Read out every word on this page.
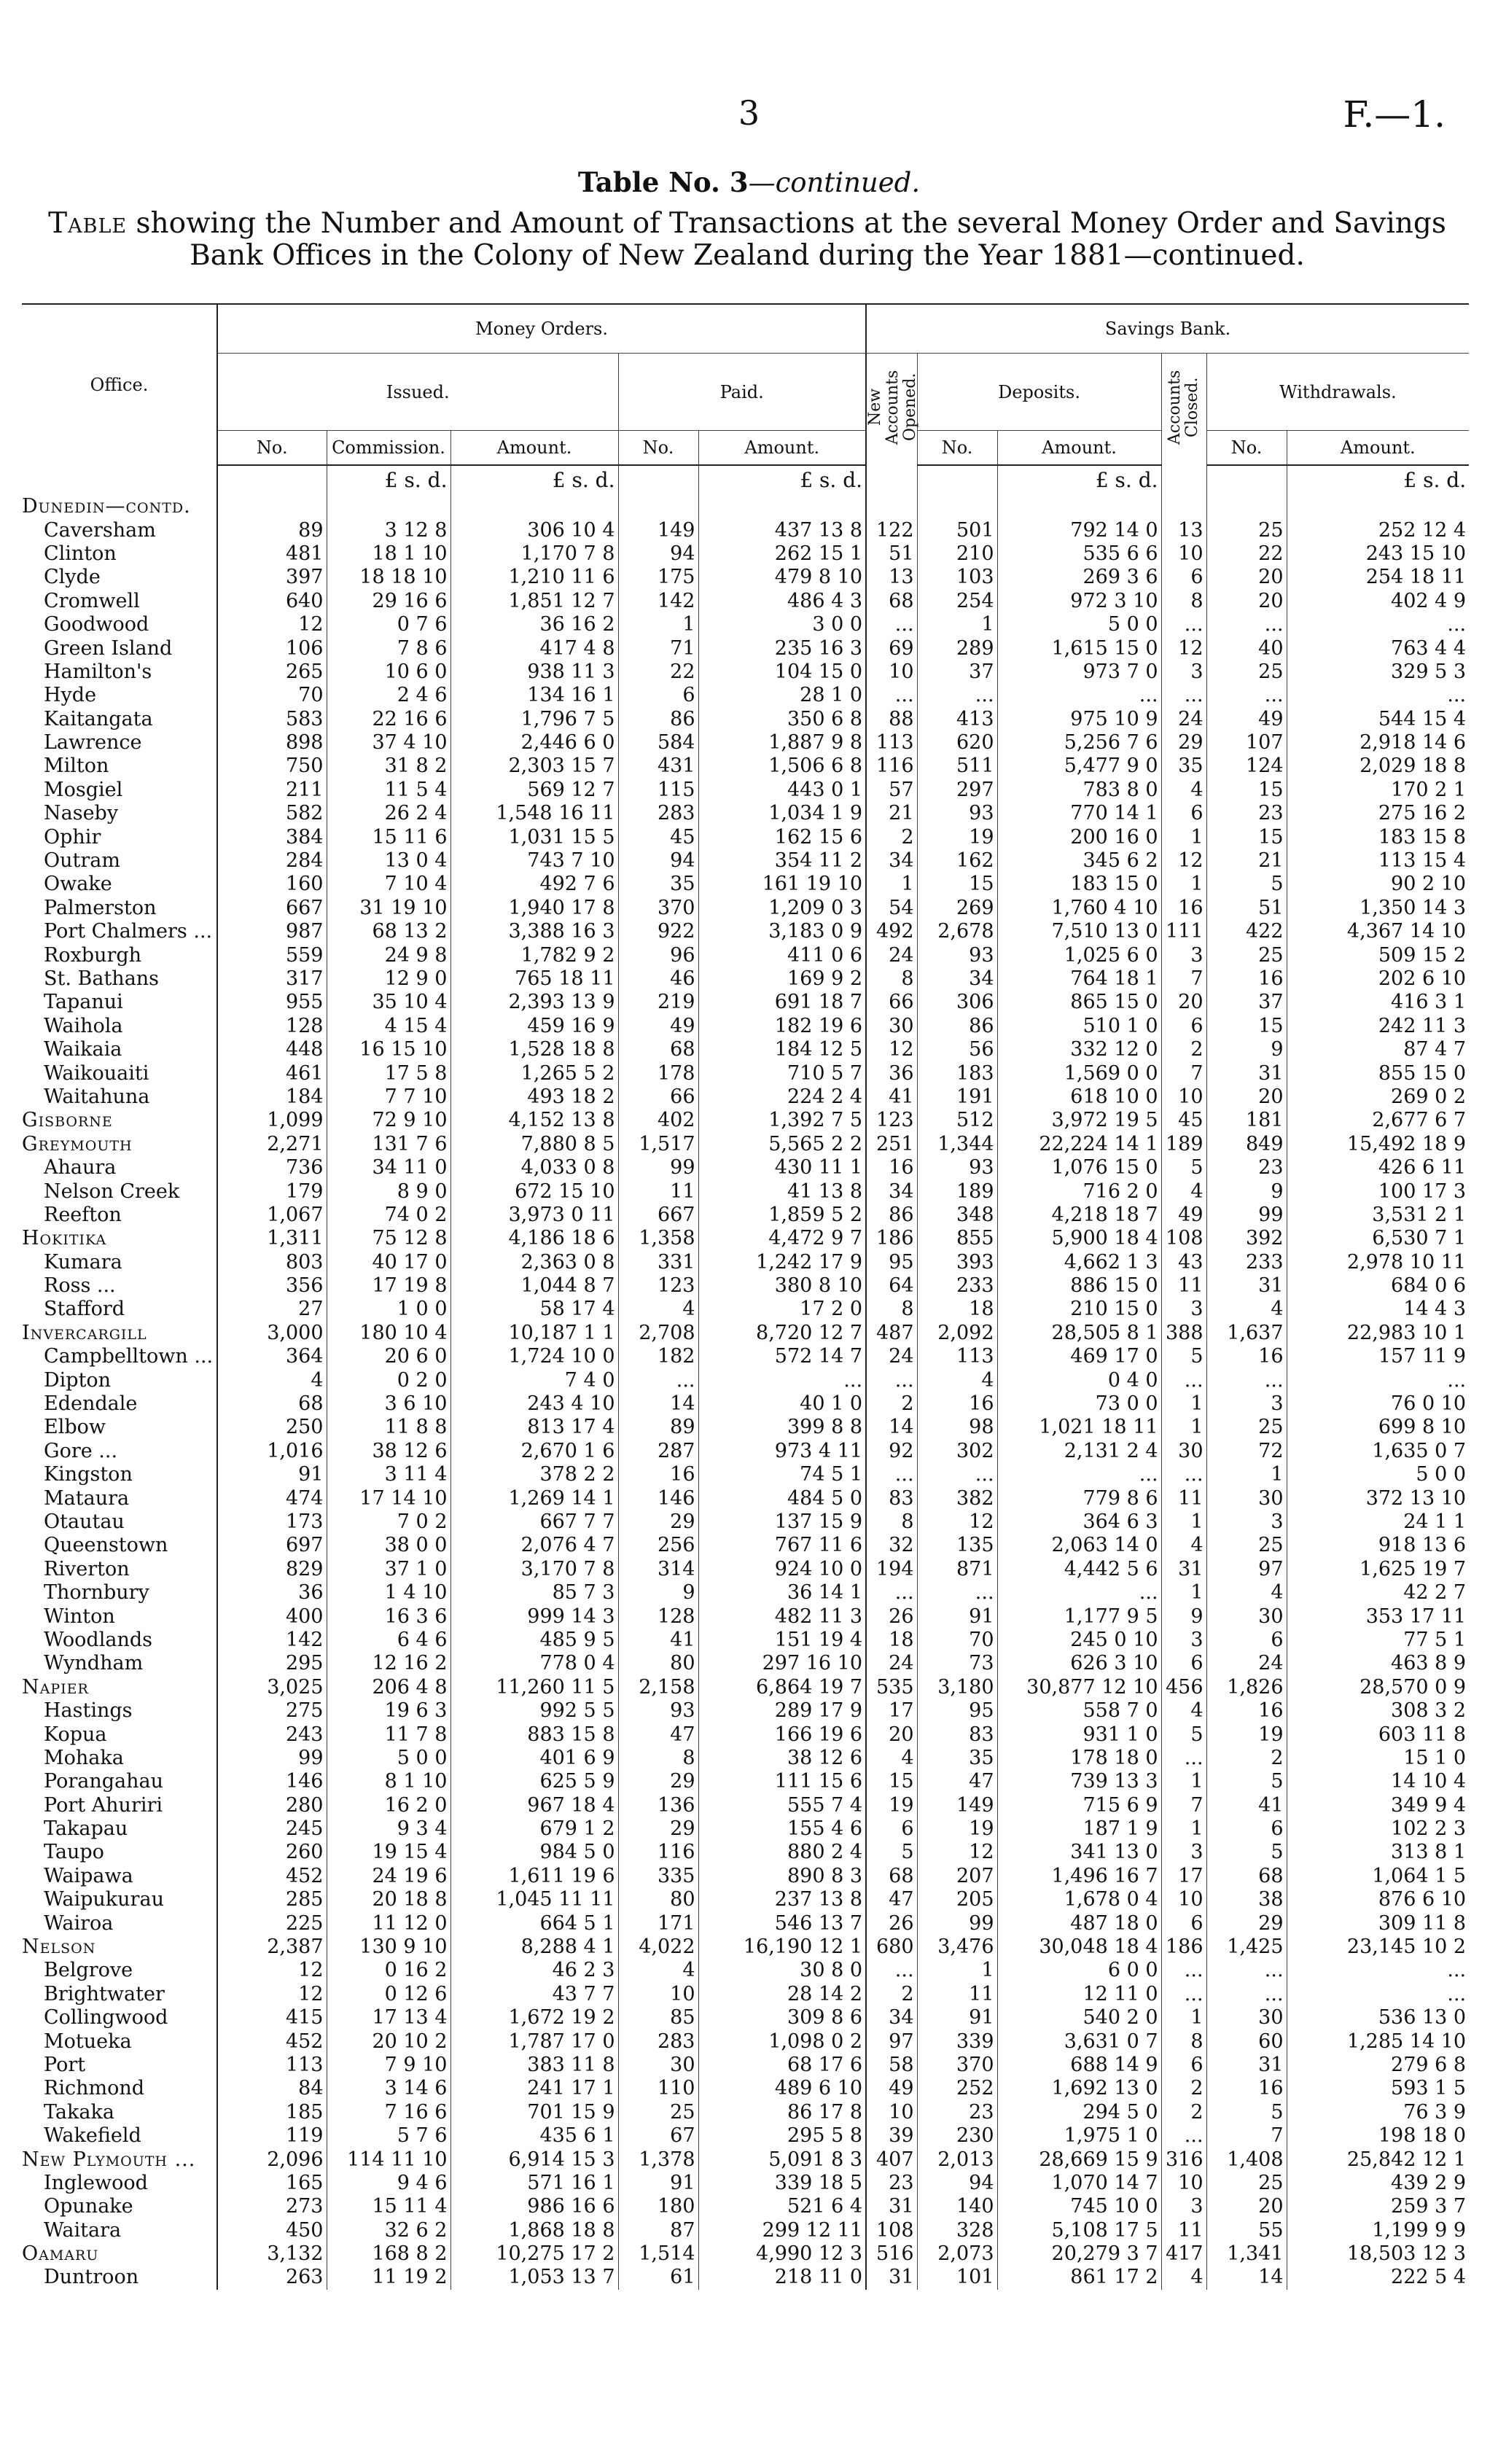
3	F.—1.
Table No. 3—continued.
Table showing the Number and Amount of Transactions at the several Money Order and Savings Bank Offices in the Colony of New Zealand during the Year 1881—continued.
Office.	Money Orders.					Savings Bank.					
	Issued.			Paid.		New Accounts Opened.	Deposits.		Accounts Closed.	Withdrawals.	
	No.	Commission.	Amount.	No.	Amount.		No.	Amount.		No.	Amount.
		£ s. d.	£ s. d.		£ s. d.			£ s. d.			£ s. d.
Dunedin—contd.											
Caversham	89	3 12 8	306 10 4	149	437 13 8	122	501	792 14 0	13	25	252 12 4
Clinton	481	18 1 10	1,170 7 8	94	262 15 1	51	210	535 6 6	10	22	243 15 10
Clyde	397	18 18 10	1,210 11 6	175	479 8 10	13	103	269 3 6	6	20	254 18 11
Cromwell	640	29 16 6	1,851 12 7	142	486 4 3	68	254	972 3 10	8	20	402 4 9
Goodwood	12	0 7 6	36 16 2	1	3 0 0	...	1	5 0 0	...	...	...
Green Island	106	7 8 6	417 4 8	71	235 16 3	69	289	1,615 15 0	12	40	763 4 4
Hamilton's	265	10 6 0	938 11 3	22	104 15 0	10	37	973 7 0	3	25	329 5 3
Hyde	70	2 4 6	134 16 1	6	28 1 0	...	...	...	...	...	...
Kaitangata	583	22 16 6	1,796 7 5	86	350 6 8	88	413	975 10 9	24	49	544 15 4
Lawrence	898	37 4 10	2,446 6 0	584	1,887 9 8	113	620	5,256 7 6	29	107	2,918 14 6
Milton	750	31 8 2	2,303 15 7	431	1,506 6 8	116	511	5,477 9 0	35	124	2,029 18 8
Mosgiel	211	11 5 4	569 12 7	115	443 0 1	57	297	783 8 0	4	15	170 2 1
Naseby	582	26 2 4	1,548 16 11	283	1,034 1 9	21	93	770 14 1	6	23	275 16 2
Ophir	384	15 11 6	1,031 15 5	45	162 15 6	2	19	200 16 0	1	15	183 15 8
Outram	284	13 0 4	743 7 10	94	354 11 2	34	162	345 6 2	12	21	113 15 4
Owake	160	7 10 4	492 7 6	35	161 19 10	1	15	183 15 0	1	5	90 2 10
Palmerston	667	31 19 10	1,940 17 8	370	1,209 0 3	54	269	1,760 4 10	16	51	1,350 14 3
Port Chalmers ...	987	68 13 2	3,388 16 3	922	3,183 0 9	492	2,678	7,510 13 0	111	422	4,367 14 10
Roxburgh	559	24 9 8	1,782 9 2	96	411 0 6	24	93	1,025 6 0	3	25	509 15 2
St. Bathans	317	12 9 0	765 18 11	46	169 9 2	8	34	764 18 1	7	16	202 6 10
Tapanui	955	35 10 4	2,393 13 9	219	691 18 7	66	306	865 15 0	20	37	416 3 1
Waihola	128	4 15 4	459 16 9	49	182 19 6	30	86	510 1 0	6	15	242 11 3
Waikaia	448	16 15 10	1,528 18 8	68	184 12 5	12	56	332 12 0	2	9	87 4 7
Waikouaiti	461	17 5 8	1,265 5 2	178	710 5 7	36	183	1,569 0 0	7	31	855 15 0
Waitahuna	184	7 7 10	493 18 2	66	224 2 4	41	191	618 10 0	10	20	269 0 2
Gisborne	1,099	72 9 10	4,152 13 8	402	1,392 7 5	123	512	3,972 19 5	45	181	2,677 6 7
Greymouth	2,271	131 7 6	7,880 8 5	1,517	5,565 2 2	251	1,344	22,224 14 1	189	849	15,492 18 9
Ahaura	736	34 11 0	4,033 0 8	99	430 11 1	16	93	1,076 15 0	5	23	426 6 11
Nelson Creek	179	8 9 0	672 15 10	11	41 13 8	34	189	716 2 0	4	9	100 17 3
Reefton	1,067	74 0 2	3,973 0 11	667	1,859 5 2	86	348	4,218 18 7	49	99	3,531 2 1
Hokitika	1,311	75 12 8	4,186 18 6	1,358	4,472 9 7	186	855	5,900 18 4	108	392	6,530 7 1
Kumara	803	40 17 0	2,363 0 8	331	1,242 17 9	95	393	4,662 1 3	43	233	2,978 10 11
Ross ...	356	17 19 8	1,044 8 7	123	380 8 10	64	233	886 15 0	11	31	684 0 6
Stafford	27	1 0 0	58 17 4	4	17 2 0	8	18	210 15 0	3	4	14 4 3
Invercargill	3,000	180 10 4	10,187 1 1	2,708	8,720 12 7	487	2,092	28,505 8 1	388	1,637	22,983 10 1
Campbelltown ...	364	20 6 0	1,724 10 0	182	572 14 7	24	113	469 17 0	5	16	157 11 9
Dipton	4	0 2 0	7 4 0	...	...	...	4	0 4 0	...	...	...
Edendale	68	3 6 10	243 4 10	14	40 1 0	2	16	73 0 0	1	3	76 0 10
Elbow	250	11 8 8	813 17 4	89	399 8 8	14	98	1,021 18 11	1	25	699 8 10
Gore ...	1,016	38 12 6	2,670 1 6	287	973 4 11	92	302	2,131 2 4	30	72	1,635 0 7
Kingston	91	3 11 4	378 2 2	16	74 5 1	...	...	...	...	1	5 0 0
Mataura	474	17 14 10	1,269 14 1	146	484 5 0	83	382	779 8 6	11	30	372 13 10
Otautau	173	7 0 2	667 7 7	29	137 15 9	8	12	364 6 3	1	3	24 1 1
Queenstown	697	38 0 0	2,076 4 7	256	767 11 6	32	135	2,063 14 0	4	25	918 13 6
Riverton	829	37 1 0	3,170 7 8	314	924 10 0	194	871	4,442 5 6	31	97	1,625 19 7
Thornbury	36	1 4 10	85 7 3	9	36 14 1	...	...	...	1	4	42 2 7
Winton	400	16 3 6	999 14 3	128	482 11 3	26	91	1,177 9 5	9	30	353 17 11
Woodlands	142	6 4 6	485 9 5	41	151 19 4	18	70	245 0 10	3	6	77 5 1
Wyndham	295	12 16 2	778 0 4	80	297 16 10	24	73	626 3 10	6	24	463 8 9
Napier	3,025	206 4 8	11,260 11 5	2,158	6,864 19 7	535	3,180	30,877 12 10	456	1,826	28,570 0 9
Hastings	275	19 6 3	992 5 5	93	289 17 9	17	95	558 7 0	4	16	308 3 2
Kopua	243	11 7 8	883 15 8	47	166 19 6	20	83	931 1 0	5	19	603 11 8
Mohaka	99	5 0 0	401 6 9	8	38 12 6	4	35	178 18 0	...	2	15 1 0
Porangahau	146	8 1 10	625 5 9	29	111 15 6	15	47	739 13 3	1	5	14 10 4
Port Ahuriri	280	16 2 0	967 18 4	136	555 7 4	19	149	715 6 9	7	41	349 9 4
Takapau	245	9 3 4	679 1 2	29	155 4 6	6	19	187 1 9	1	6	102 2 3
Taupo	260	19 15 4	984 5 0	116	880 2 4	5	12	341 13 0	3	5	313 8 1
Waipawa	452	24 19 6	1,611 19 6	335	890 8 3	68	207	1,496 16 7	17	68	1,064 1 5
Waipukurau	285	20 18 8	1,045 11 11	80	237 13 8	47	205	1,678 0 4	10	38	876 6 10
Wairoa	225	11 12 0	664 5 1	171	546 13 7	26	99	487 18 0	6	29	309 11 8
Nelson	2,387	130 9 10	8,288 4 1	4,022	16,190 12 1	680	3,476	30,048 18 4	186	1,425	23,145 10 2
Belgrove	12	0 16 2	46 2 3	4	30 8 0	...	1	6 0 0	...	...	...
Brightwater	12	0 12 6	43 7 7	10	28 14 2	2	11	12 11 0	...	...	...
Collingwood	415	17 13 4	1,672 19 2	85	309 8 6	34	91	540 2 0	1	30	536 13 0
Motueka	452	20 10 2	1,787 17 0	283	1,098 0 2	97	339	3,631 0 7	8	60	1,285 14 10
Port	113	7 9 10	383 11 8	30	68 17 6	58	370	688 14 9	6	31	279 6 8
Richmond	84	3 14 6	241 17 1	110	489 6 10	49	252	1,692 13 0	2	16	593 1 5
Takaka	185	7 16 6	701 15 9	25	86 17 8	10	23	294 5 0	2	5	76 3 9
Wakefield	119	5 7 6	435 6 1	67	295 5 8	39	230	1,975 1 0	...	7	198 18 0
New Plymouth ...	2,096	114 11 10	6,914 15 3	1,378	5,091 8 3	407	2,013	28,669 15 9	316	1,408	25,842 12 1
Inglewood	165	9 4 6	571 16 1	91	339 18 5	23	94	1,070 14 7	10	25	439 2 9
Opunake	273	15 11 4	986 16 6	180	521 6 4	31	140	745 10 0	3	20	259 3 7
Waitara	450	32 6 2	1,868 18 8	87	299 12 11	108	328	5,108 17 5	11	55	1,199 9 9
Oamaru	3,132	168 8 2	10,275 17 2	1,514	4,990 12 3	516	2,073	20,279 3 7	417	1,341	18,503 12 3
Duntroon	263	11 19 2	1,053 13 7	61	218 11 0	31	101	861 17 2	4	14	222 5 4
